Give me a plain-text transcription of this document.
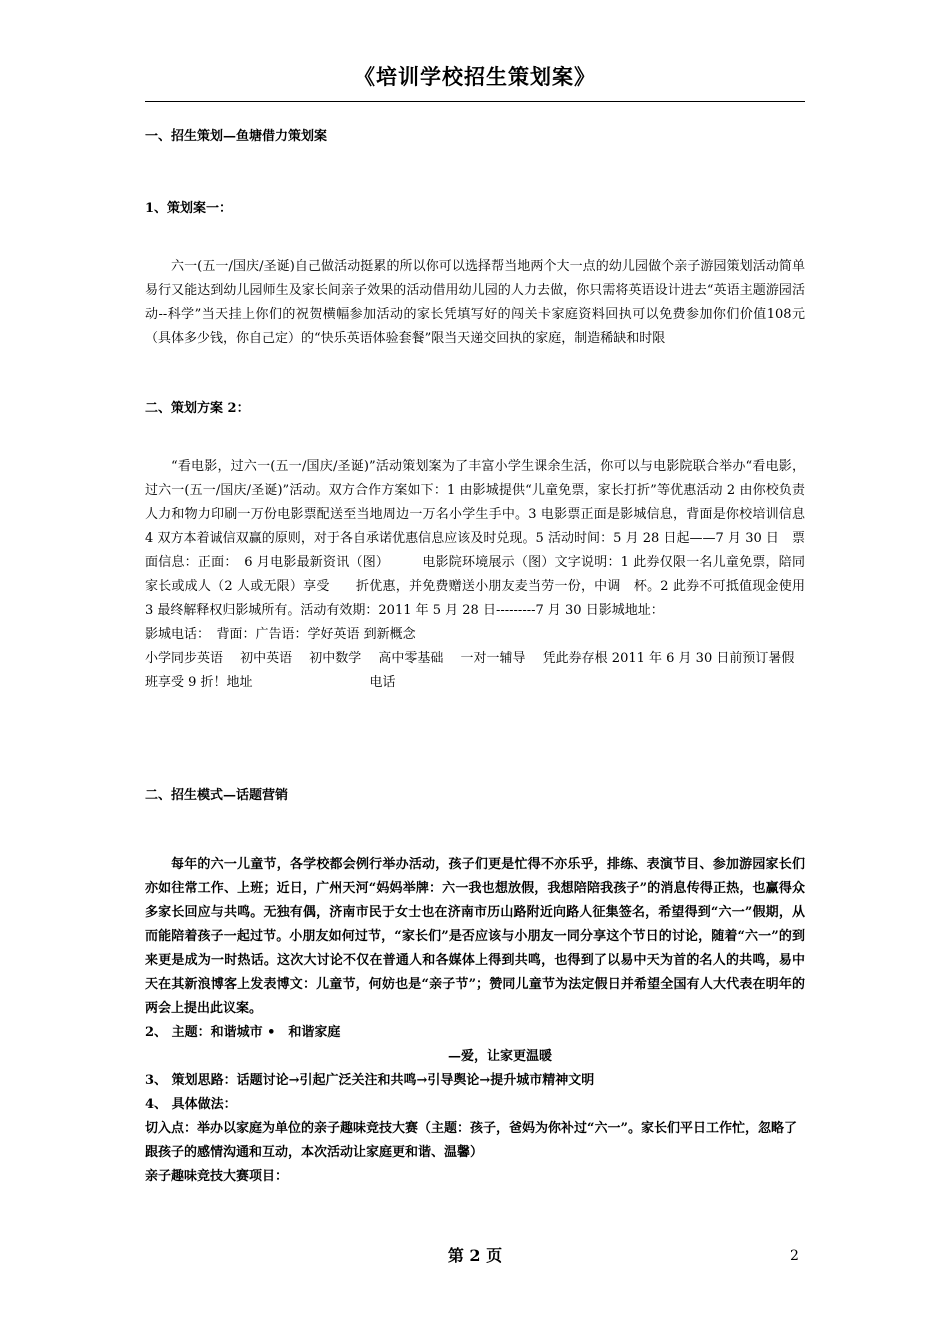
《培训学校招生策划案》
一、招生策划—鱼塘借力策划案
1、策划案一：
六一(五一/国庆/圣诞)自己做活动挺累的所以你可以选择帮当地两个大一点的幼儿园做个亲子游园策划活动简单易行又能达到幼儿园师生及家长间亲子效果的活动借用幼儿园的人力去做，你只需将英语设计进去“英语主题游园活动--科学”当天挂上你们的祝贺横幅参加活动的家长凭填写好的闯关卡家庭资料回执可以免费参加你们价值108元（具体多少钱，你自己定）的“快乐英语体验套餐”限当天递交回执的家庭，制造稀缺和时限
二、策划方案 2：
“看电影，过六一(五一/国庆/圣诞)”活动策划案为了丰富小学生课余生活，你可以与电影院联合举办“看电影，过六一(五一/国庆/圣诞)”活动。双方合作方案如下：1 由影城提供“儿童免票，家长打折”等优惠活动 2 由你校负责人力和物力印刷一万份电影票配送至当地周边一万名小学生手中。3 电影票正面是影城信息，背面是你校培训信息 4 双方本着诚信双赢的原则，对于各自承诺优惠信息应该及时兑现。5 活动时间：5 月 28 日起——7 月 30 日　票面信息：正面：　6 月电影最新资讯（图）　　　电影院环境展示（图）文字说明：1 此券仅限一名儿童免票，陪同家长或成人（2 人或无限）享受　　折优惠，并免费赠送小朋友麦当劳一份，中调　杯。2 此券不可抵值现金使用 3 最终解释权归影城所有。活动有效期：2011 年 5 月 28 日---------7 月 30 日影城地址：
影城电话：　背面：广告语：学好英语 到新概念
小学同步英语　 初中英语　 初中数学　 高中零基础　 一对一辅导　 凭此券存根 2011 年 6 月 30 日前预订暑假班享受 9 折！地址　　　　　　　　　电话
二、招生模式—话题营销
每年的六一儿童节，各学校都会例行举办活动，孩子们更是忙得不亦乐乎，排练、表演节目、参加游园家长们亦如往常工作、上班；近日，广州天河“妈妈举牌：六一我也想放假，我想陪陪我孩子”的消息传得正热，也赢得众多家长回应与共鸣。无独有偶，济南市民于女士也在济南市历山路附近向路人征集签名，希望得到“六一”假期，从而能陪着孩子一起过节。小朋友如何过节，“家长们”是否应该与小朋友一同分享这个节日的讨论，随着“六一”的到来更是成为一时热话。这次大讨论不仅在普通人和各媒体上得到共鸣，也得到了以易中天为首的名人的共鸣，易中天在其新浪博客上发表博文：儿童节，何妨也是“亲子节”；赞同儿童节为法定假日并希望全国有人大代表在明年的两会上提出此议案。
2、 主题：和谐城市 •　和谐家庭
—爱，让家更温暖
3、 策划思路：话题讨论→引起广泛关注和共鸣→引导舆论→提升城市精神文明
4、 具体做法：
切入点：举办以家庭为单位的亲子趣味竞技大赛（主题：孩子，爸妈为你补过“六一”。家长们平日工作忙，忽略了跟孩子的感情沟通和互动，本次活动让家庭更和谐、温馨）
亲子趣味竞技大赛项目：
第 2 页	2
